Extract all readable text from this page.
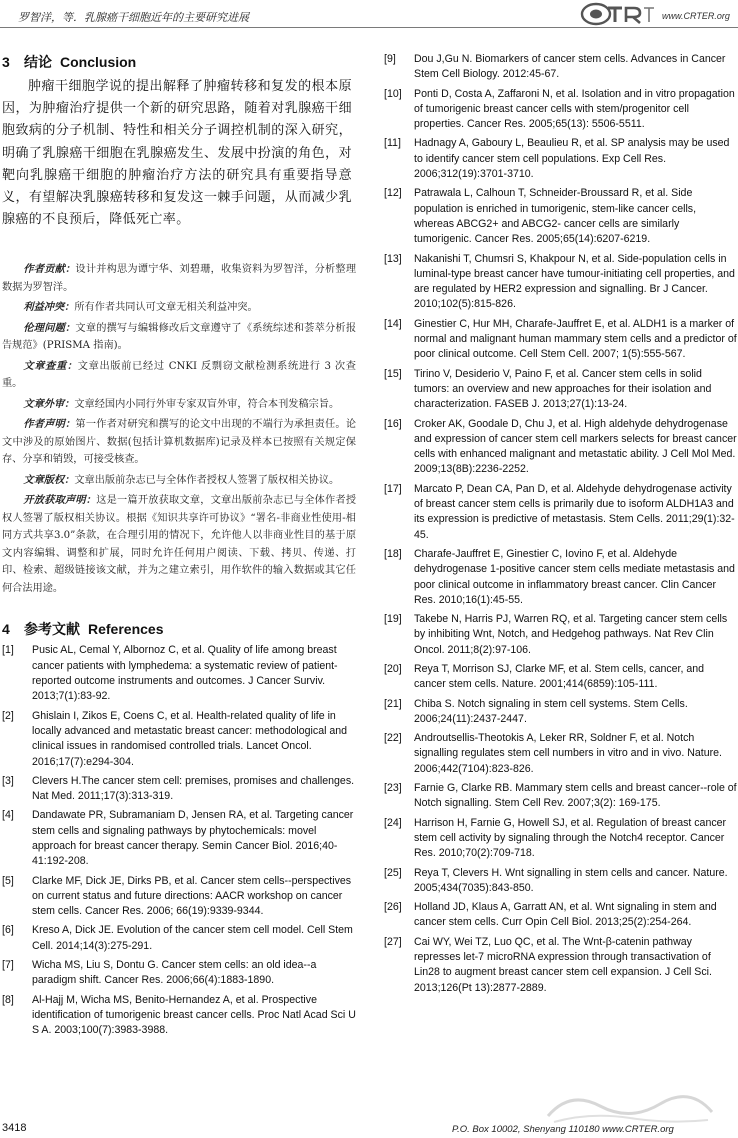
罗智洋，等．乳腺癌干细胞近年的主要研究进展	www.CRTER.org
3 结论 Conclusion

肿瘤干细胞学说的提出解释了肿瘤转移和复发的根本原因，为肿瘤治疗提供一个新的研究思路，随着对乳腺癌干细胞致病的分子机制、特性和相关分子调控机制的深入研究，明确了乳腺癌干细胞在乳腺癌发生、发展中扮演的角色，对靶向乳腺癌干细胞的肿瘤治疗方法的研究具有重要指导意义，有望解决乳腺癌转移和复发这一棘手问题，从而减少乳腺癌的不良预后，降低死亡率。

作者贡献：设计并构思为谭宁华、刘碧珊，收集资料为罗智洋，分析整理数据为罗智洋。

利益冲突：所有作者共同认可文章无相关利益冲突。

伦理问题：文章的撰写与编辑修改后文章遵守了《系统综述和荟萃分析报告规范》(PRISMA 指南)。

文章查重：文章出版前已经过 CNKI 反剽窃文献检测系统进行 3 次查重。

文章外审：文章经国内小同行外审专家双盲外审，符合本刊发稿宗旨。

作者声明：第一作者对研究和撰写的论文中出现的不端行为承担责任。论文中涉及的原始图片、数据(包括计算机数据库)记录及样本已按照有关规定保存、分享和销毁，可接受核查。

文章版权：文章出版前杂志已与全体作者授权人签署了版权相关协议。

开放获取声明：这是一篇开放获取文章，文章出版前杂志已与全体作者授权人签署了版权相关协议。根据《知识共享许可协议》“署名-非商业性使用-相同方式共享3.0”条款，在合理引用的情况下，允许他人以非商业性目的基于原文内容编辑、调整和扩展，同时允许任何用户阅读、下载、拷贝、传递、打印、检索、超级链接该文献，并为之建立索引，用作软件的输入数据或其它任何合法用途。

4 参考文献 References
[1]	Pusic AL, Cemal Y, Albornoz C, et al. Quality of life among breast cancer patients with lymphedema: a systematic review of patient-reported outcome instruments and outcomes. J Cancer Surviv. 2013;7(1):83-92.
[2]	Ghislain I, Zikos E, Coens C, et al. Health-related quality of life in locally advanced and metastatic breast cancer: methodological and clinical issues in randomised controlled trials. Lancet Oncol. 2016;17(7):e294-304.
[3]	Clevers H.The cancer stem cell: premises, promises and challenges. Nat Med. 2011;17(3):313-319.
[4]	Dandawate PR, Subramaniam D, Jensen RA, et al. Targeting cancer stem cells and signaling pathways by phytochemicals: movel approach for breast cancer therapy. Semin Cancer Biol. 2016;40-41:192-208.
[5]	Clarke MF, Dick JE, Dirks PB, et al. Cancer stem cells--perspectives on current status and future directions: AACR workshop on cancer stem cells. Cancer Res. 2006; 66(19):9339-9344.
[6]	Kreso A, Dick JE. Evolution of the cancer stem cell model. Cell Stem Cell. 2014;14(3):275-291.
[7]	Wicha MS, Liu S, Dontu G. Cancer stem cells: an old idea--a paradigm shift. Cancer Res. 2006;66(4):1883-1890.
[8]	Al-Hajj M, Wicha MS, Benito-Hernandez A, et al. Prospective identification of tumorigenic breast cancer cells. Proc Natl Acad Sci U S A. 2003;100(7):3983-3988.
[9]	Dou J,Gu N. Biomarkers of cancer stem cells. Advances in Cancer Stem Cell Biology. 2012:45-67.
[10]	Ponti D, Costa A, Zaffaroni N, et al. Isolation and in vitro propagation of tumorigenic breast cancer cells with stem/progenitor cell properties. Cancer Res. 2005;65(13): 5506-5511.
[11]	Hadnagy A, Gaboury L, Beaulieu R, et al. SP analysis may be used to identify cancer stem cell populations. Exp Cell Res. 2006;312(19):3701-3710.
[12]	Patrawala L, Calhoun T, Schneider-Broussard R, et al. Side population is enriched in tumorigenic, stem-like cancer cells, whereas ABCG2+ and ABCG2- cancer cells are similarly tumorigenic. Cancer Res. 2005;65(14):6207-6219.
[13]	Nakanishi T, Chumsri S, Khakpour N, et al. Side-population cells in luminal-type breast cancer have tumour-initiating cell properties, and are regulated by HER2 expression and signalling. Br J Cancer. 2010;102(5):815-826.
[14]	Ginestier C, Hur MH, Charafe-Jauffret E, et al. ALDH1 is a marker of normal and malignant human mammary stem cells and a predictor of poor clinical outcome. Cell Stem Cell. 2007; 1(5):555-567.
[15]	Tirino V, Desiderio V, Paino F, et al. Cancer stem cells in solid tumors: an overview and new approaches for their isolation and characterization. FASEB J. 2013;27(1):13-24.
[16]	Croker AK, Goodale D, Chu J, et al. High aldehyde dehydrogenase and expression of cancer stem cell markers selects for breast cancer cells with enhanced malignant and metastatic ability. J Cell Mol Med. 2009;13(8B):2236-2252.
[17]	Marcato P, Dean CA, Pan D, et al. Aldehyde dehydrogenase activity of breast cancer stem cells is primarily due to isoform ALDH1A3 and its expression is predictive of metastasis. Stem Cells. 2011;29(1):32-45.
[18]	Charafe-Jauffret E, Ginestier C, Iovino F, et al. Aldehyde dehydrogenase 1-positive cancer stem cells mediate metastasis and poor clinical outcome in inflammatory breast cancer. Clin Cancer Res. 2010;16(1):45-55.
[19]	Takebe N, Harris PJ, Warren RQ, et al. Targeting cancer stem cells by inhibiting Wnt, Notch, and Hedgehog pathways. Nat Rev Clin Oncol. 2011;8(2):97-106.
[20]	Reya T, Morrison SJ, Clarke MF, et al. Stem cells, cancer, and cancer stem cells. Nature. 2001;414(6859):105-111.
[21]	Chiba S. Notch signaling in stem cell systems. Stem Cells. 2006;24(11):2437-2447.
[22]	Androutsellis-Theotokis A, Leker RR, Soldner F, et al. Notch signalling regulates stem cell numbers in vitro and in vivo. Nature. 2006;442(7104):823-826.
[23]	Farnie G, Clarke RB. Mammary stem cells and breast cancer--role of Notch signalling. Stem Cell Rev. 2007;3(2): 169-175.
[24]	Harrison H, Farnie G, Howell SJ, et al. Regulation of breast cancer stem cell activity by signaling through the Notch4 receptor. Cancer Res. 2010;70(2):709-718.
[25]	Reya T, Clevers H. Wnt signalling in stem cells and cancer. Nature. 2005;434(7035):843-850.
[26]	Holland JD, Klaus A, Garratt AN, et al. Wnt signaling in stem and cancer stem cells. Curr Opin Cell Biol. 2013;25(2):254-264.
[27]	Cai WY, Wei TZ, Luo QC, et al. The Wnt-β-catenin pathway represses let-7 microRNA expression through transactivation of Lin28 to augment breast cancer stem cell expansion. J Cell Sci. 2013;126(Pt 13):2877-2889.
3418	P.O. Box 10002, Shenyang 110180 www.CRTER.org
